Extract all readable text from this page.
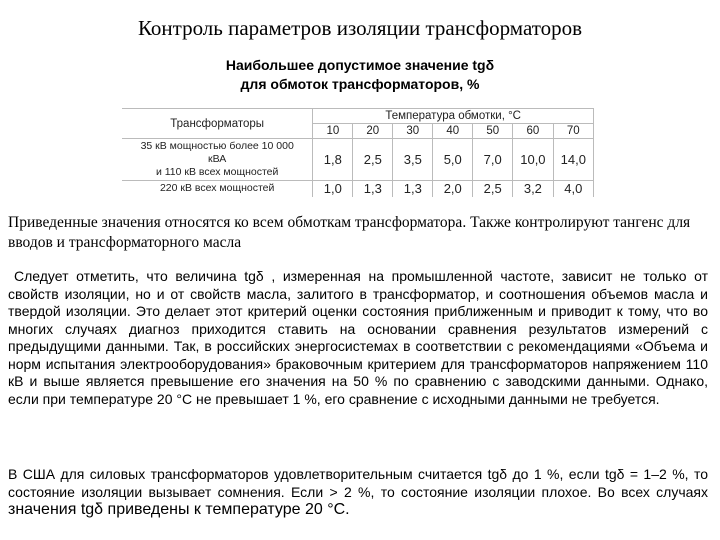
Контроль параметров изоляции трансформаторов
Наибольшее допустимое значение tgδ
для обмоток трансформаторов, %
Трансформаторы	Температура обмотки, °С						
	10	20	30	40	50	60	70

35 кВ мощностью более 10 000
кВА
и 110 кВ всех мощностей	1,8	2,5	3,5	5,0	7,0	10,0	14,0

220 кВ всех мощностей	1,0	1,3	1,3	2,0	2,5	3,2	4,0
Приведенные значения относятся ко всем обмоткам трансформатора. Также контролируют тангенс для вводов и трансформаторного масла

Следует отметить, что величина tgδ , измеренная на промышленной частоте, зависит не только от свойств изоляции, но и от свойств масла, залитого в трансформатор, и соотношения объемов масла и твердой изоляции. Это делает этот критерий оценки состояния приближенным и приводит к тому, что во многих случаях диагноз приходится ставить на основании сравнения результатов измерений с предыдущими данными. Так, в российских энергосистемах в соответствии с рекомендациями «Объема и норм испытания электрооборудования» браковочным критерием для трансформаторов напряжением 110 кВ и выше является превышение его значения на 50 % по сравнению с заводскими данными. Однако, если при температуре 20 °С не превышает 1 %, его сравнение с исходными данными не требуется.

В США для силовых трансформаторов удовлетворительным считается tgδ до 1 %, если tgδ = 1–2 %, то состояние изоляции вызывает сомнения. Если > 2 %, то состояние изоляции плохое. Во всех случаях значения tgδ приведены к температуре 20 °С.
